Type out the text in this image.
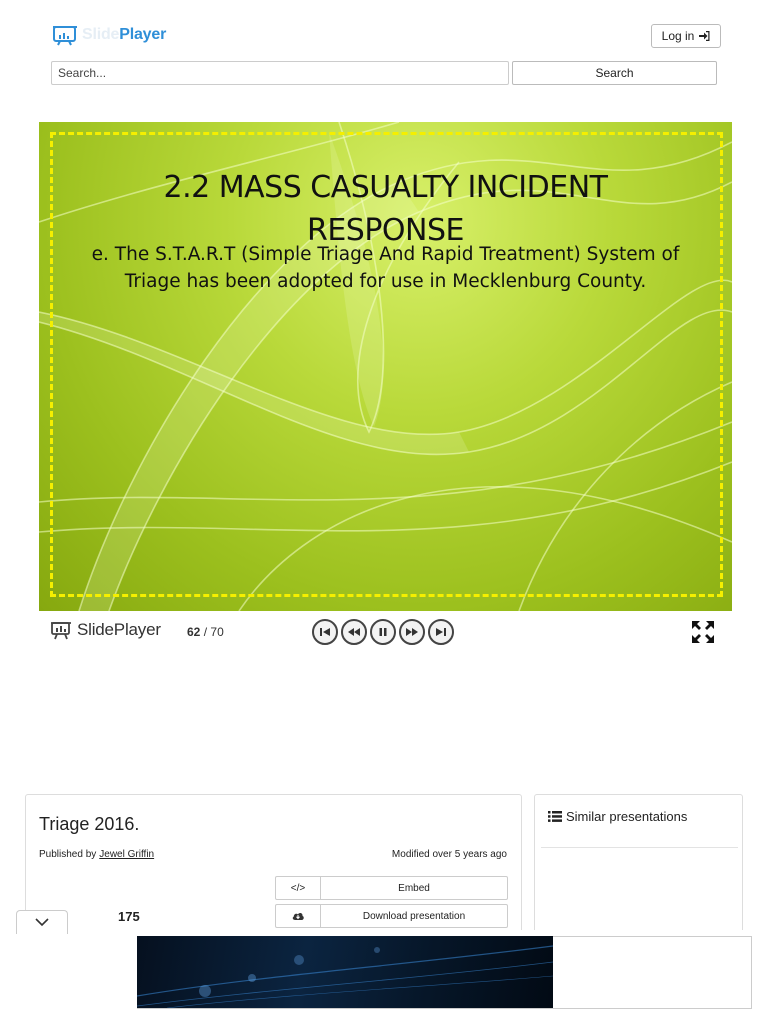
SlidePlayer	Log in
Search...
Search
2.2 MASS CASUALTY INCIDENT
RESPONSE
e. The S.T.A.R.T (Simple Triage And Rapid Treatment) System of
Triage has been adopted for use in Mecklenburg County.
SlidePlayer 62 / 70
Triage 2016.
Published by Jewel Griffin	Modified over 5 years ago
</>	Embed
Download presentation
175
Similar presentations
